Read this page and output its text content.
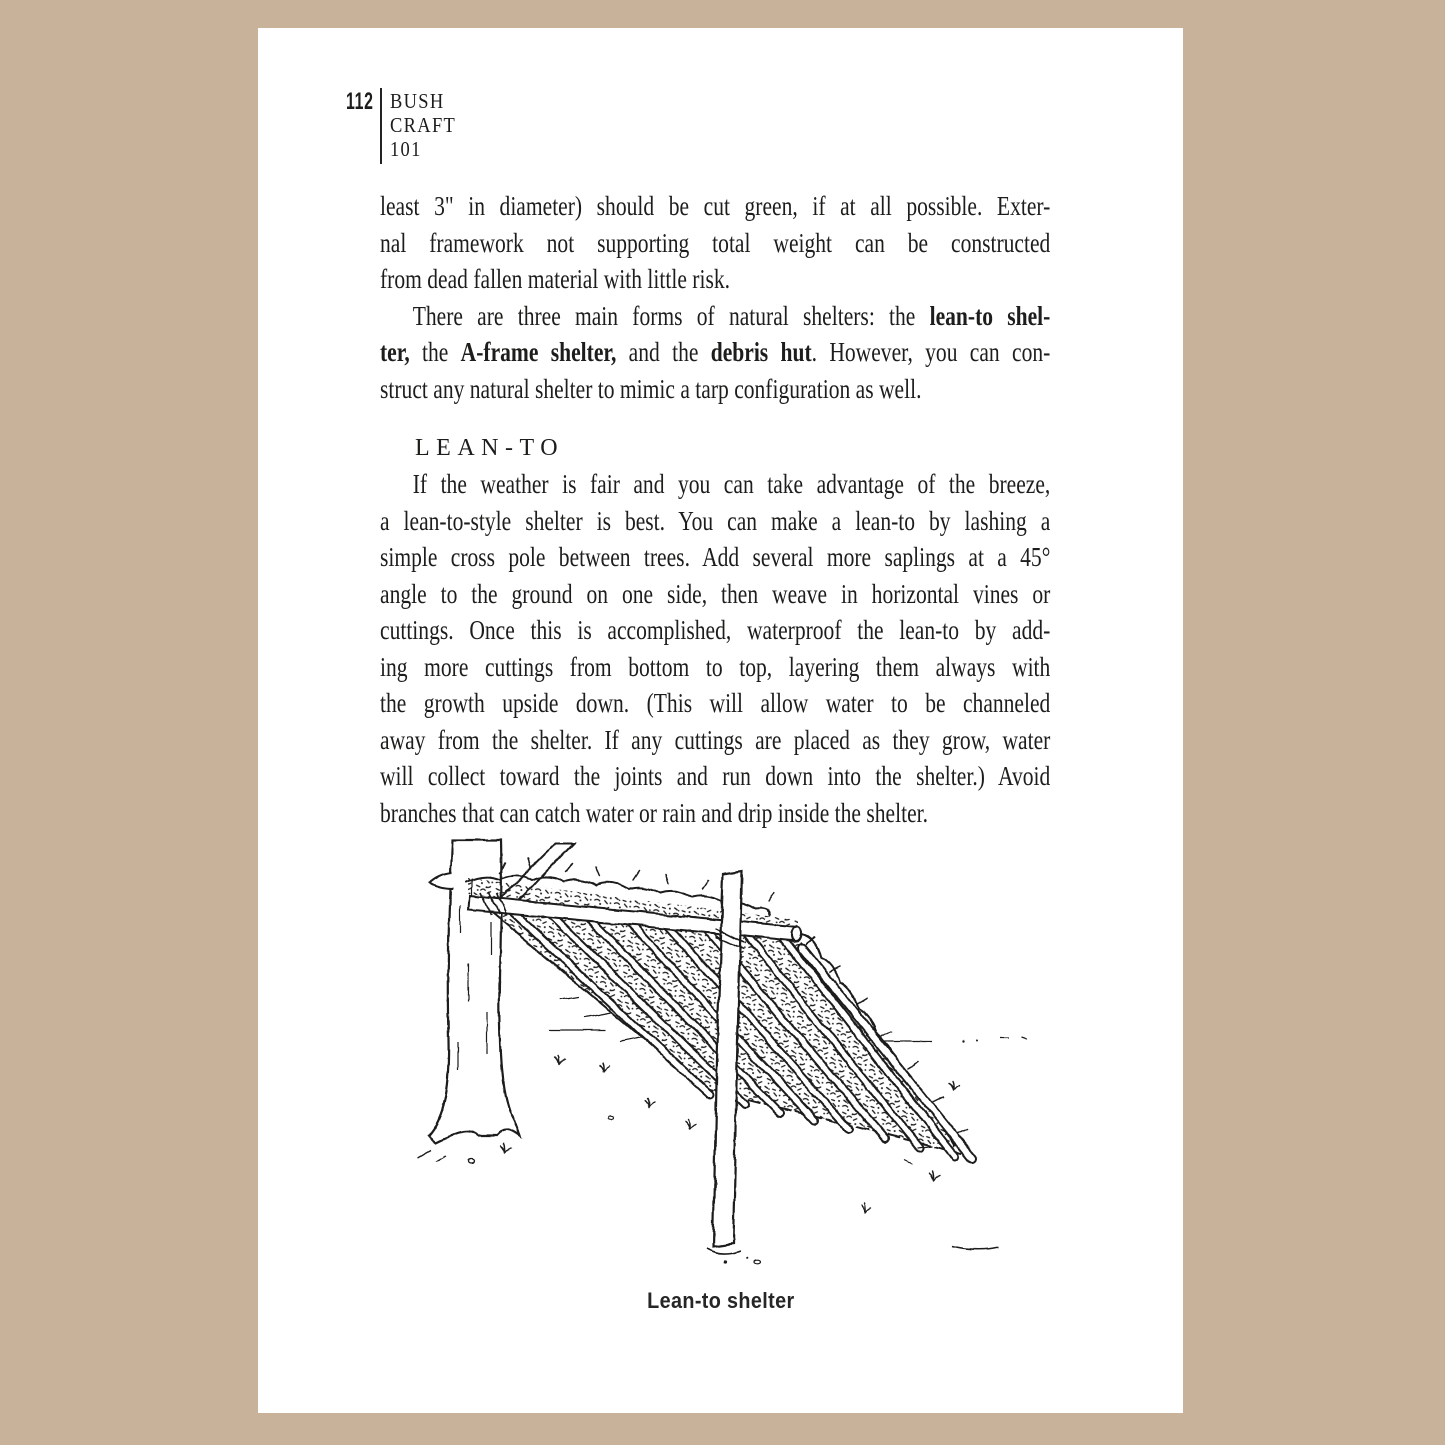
112 BUSH
CRAFT
101
least 3" in diameter) should be cut green, if at all possible. Exter-
nal framework not supporting total weight can be constructed
from dead fallen material with little risk.
There are three main forms of natural shelters: the lean-to shel-
ter, the A-frame shelter, and the debris hut. However, you can con-
struct any natural shelter to mimic a tarp configuration as well.
LEAN-TO
If the weather is fair and you can take advantage of the breeze,
a lean-to-style shelter is best. You can make a lean-to by lashing a
simple cross pole between trees. Add several more saplings at a 45°
angle to the ground on one side, then weave in horizontal vines or
cuttings. Once this is accomplished, waterproof the lean-to by add-
ing more cuttings from bottom to top, layering them always with
the growth upside down. (This will allow water to be channeled
away from the shelter. If any cuttings are placed as they grow, water
will collect toward the joints and run down into the shelter.) Avoid
branches that can catch water or rain and drip inside the shelter.
Lean-to shelter
